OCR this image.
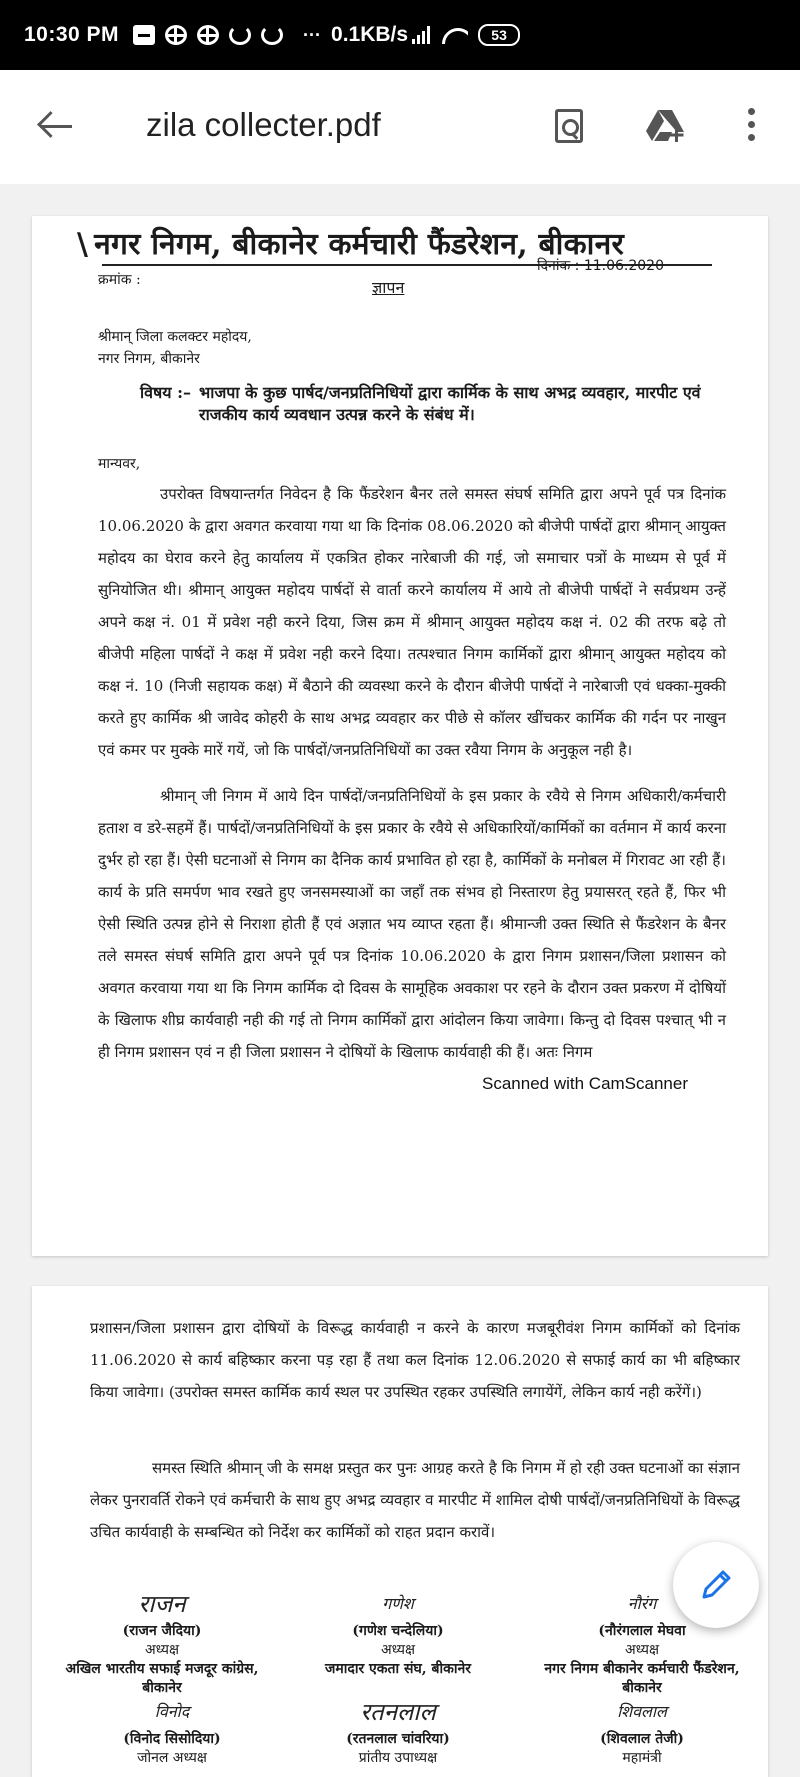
10:30 PM	··· 0.1KB/s	53
zila collecter.pdf
\ नगर निगम, बीकानेर कर्मचारी फैंडरेशन, बीकानर
क्रमांक :
दिनांक : 11.06.2020
ज्ञापन
श्रीमान् जिला कलक्टर महोदय,
नगर निगम, बीकानेर
विषय :– भाजपा के कुछ पार्षद/जनप्रतिनिधियों द्वारा कार्मिक के साथ अभद्र व्यवहार, मारपीट एवं राजकीय कार्य व्यवधान उत्पन्न करने के संबंध में।
मान्यवर,
उपरोक्त विषयान्तर्गत निवेदन है कि फैंडरेशन बैनर तले समस्त संघर्ष समिति द्वारा अपने पूर्व पत्र दिनांक 10.06.2020 के द्वारा अवगत करवाया गया था कि दिनांक 08.06.2020 को बीजेपी पार्षदों द्वारा श्रीमान् आयुक्त महोदय का घेराव करने हेतु कार्यालय में एकत्रित होकर नारेबाजी की गई, जो समाचार पत्रों के माध्यम से पूर्व में सुनियोजित थी। श्रीमान् आयुक्त महोदय पार्षदों से वार्ता करने कार्यालय में आये तो बीजेपी पार्षदों ने सर्वप्रथम उन्हें अपने कक्ष नं. 01 में प्रवेश नही करने दिया, जिस क्रम में श्रीमान् आयुक्त महोदय कक्ष नं. 02 की तरफ बढ़े तो बीजेपी महिला पार्षदों ने कक्ष में प्रवेश नही करने दिया। तत्पश्चात निगम कार्मिकों द्वारा श्रीमान् आयुक्त महोदय को कक्ष नं. 10 (निजी सहायक कक्ष) में बैठाने की व्यवस्था करने के दौरान बीजेपी पार्षदों ने नारेबाजी एवं धक्का-मुक्की करते हुए कार्मिक श्री जावेद कोहरी के साथ अभद्र व्यवहार कर पीछे से कॉलर खींचकर कार्मिक की गर्दन पर नाखुन एवं कमर पर मुक्के मारें गयें, जो कि पार्षदों/जनप्रतिनिधियों का उक्त रवैया निगम के अनुकूल नही है।
श्रीमान् जी निगम में आये दिन पार्षदों/जनप्रतिनिधियों के इस प्रकार के रवैये से निगम अधिकारी/कर्मचारी हताश व डरे-सहमें हैं। पार्षदों/जनप्रतिनिधियों के इस प्रकार के रवैये से अधिकारियों/कार्मिकों का वर्तमान में कार्य करना दुर्भर हो रहा हैं। ऐसी घटनाओं से निगम का दैनिक कार्य प्रभावित हो रहा है, कार्मिकों के मनोबल में गिरावट आ रही हैं। कार्य के प्रति समर्पण भाव रखते हुए जनसमस्याओं का जहॉं तक संभव हो निस्तारण हेतु प्रयासरत् रहते हैं, फिर भी ऐसी स्थिति उत्पन्न होने से निराशा होती हैं एवं अज्ञात भय व्याप्त रहता हैं। श्रीमान्जी उक्त स्थिति से फैंडरेशन के बैनर तले समस्त संघर्ष समिति द्वारा अपने पूर्व पत्र दिनांक 10.06.2020 के द्वारा निगम प्रशासन/जिला प्रशासन को अवगत करवाया गया था कि निगम कार्मिक दो दिवस के सामूहिक अवकाश पर रहने के दौरान उक्त प्रकरण में दोषियों के खिलाफ शीघ्र कार्यवाही नही की गई तो निगम कार्मिकों द्वारा आंदोलन किया जावेगा। किन्तु दो दिवस पश्चात् भी न ही निगम प्रशासन एवं न ही जिला प्रशासन ने दोषियों के खिलाफ कार्यवाही की हैं। अतः निगम
Scanned with CamScanner
प्रशासन/जिला प्रशासन द्वारा दोषियों के विरूद्ध कार्यवाही न करने के कारण मजबूरीवंश निगम कार्मिकों को दिनांक 11.06.2020 से कार्य बहिष्कार करना पड़ रहा हैं तथा कल दिनांक 12.06.2020 से सफाई कार्य का भी बहिष्कार किया जावेगा। (उपरोक्त समस्त कार्मिक कार्य स्थल पर उपस्थित रहकर उपस्थिति लगायेंगें, लेकिन कार्य नही करेंगें।)
समस्त स्थिति श्रीमान् जी के समक्ष प्रस्तुत कर पुनः आग्रह करते है कि निगम में हो रही उक्त घटनाओं का संज्ञान लेकर पुनरावर्ति रोकने एवं कर्मचारी के साथ हुए अभद्र व्यवहार व मारपीट में शामिल दोषी पार्षदों/जनप्रतिनिधियों के विरूद्ध उचित कार्यवाही के सम्बन्धित को निर्देश कर कार्मिकों को राहत प्रदान करावें।
राजन
(राजन जैदिया)
अध्यक्ष
अखिल भारतीय सफाई मजदूर कांग्रेस, बीकानेर
गणेश
(गणेश चन्देलिया)
अध्यक्ष
जमादार एकता संघ, बीकानेर
नौरंग
(नौरंगलाल मेघवा
अध्यक्ष
नगर निगम बीकानेर कर्मचारी फैंडरेशन, बीकानेर
विनोद
(विनोद सिसोदिया)
जोनल अध्यक्ष
रतनलाल
(रतनलाल चांवरिया)
प्रांतीय उपाध्यक्ष
शिवलाल
(शिवलाल तेजी)
महामंत्री
